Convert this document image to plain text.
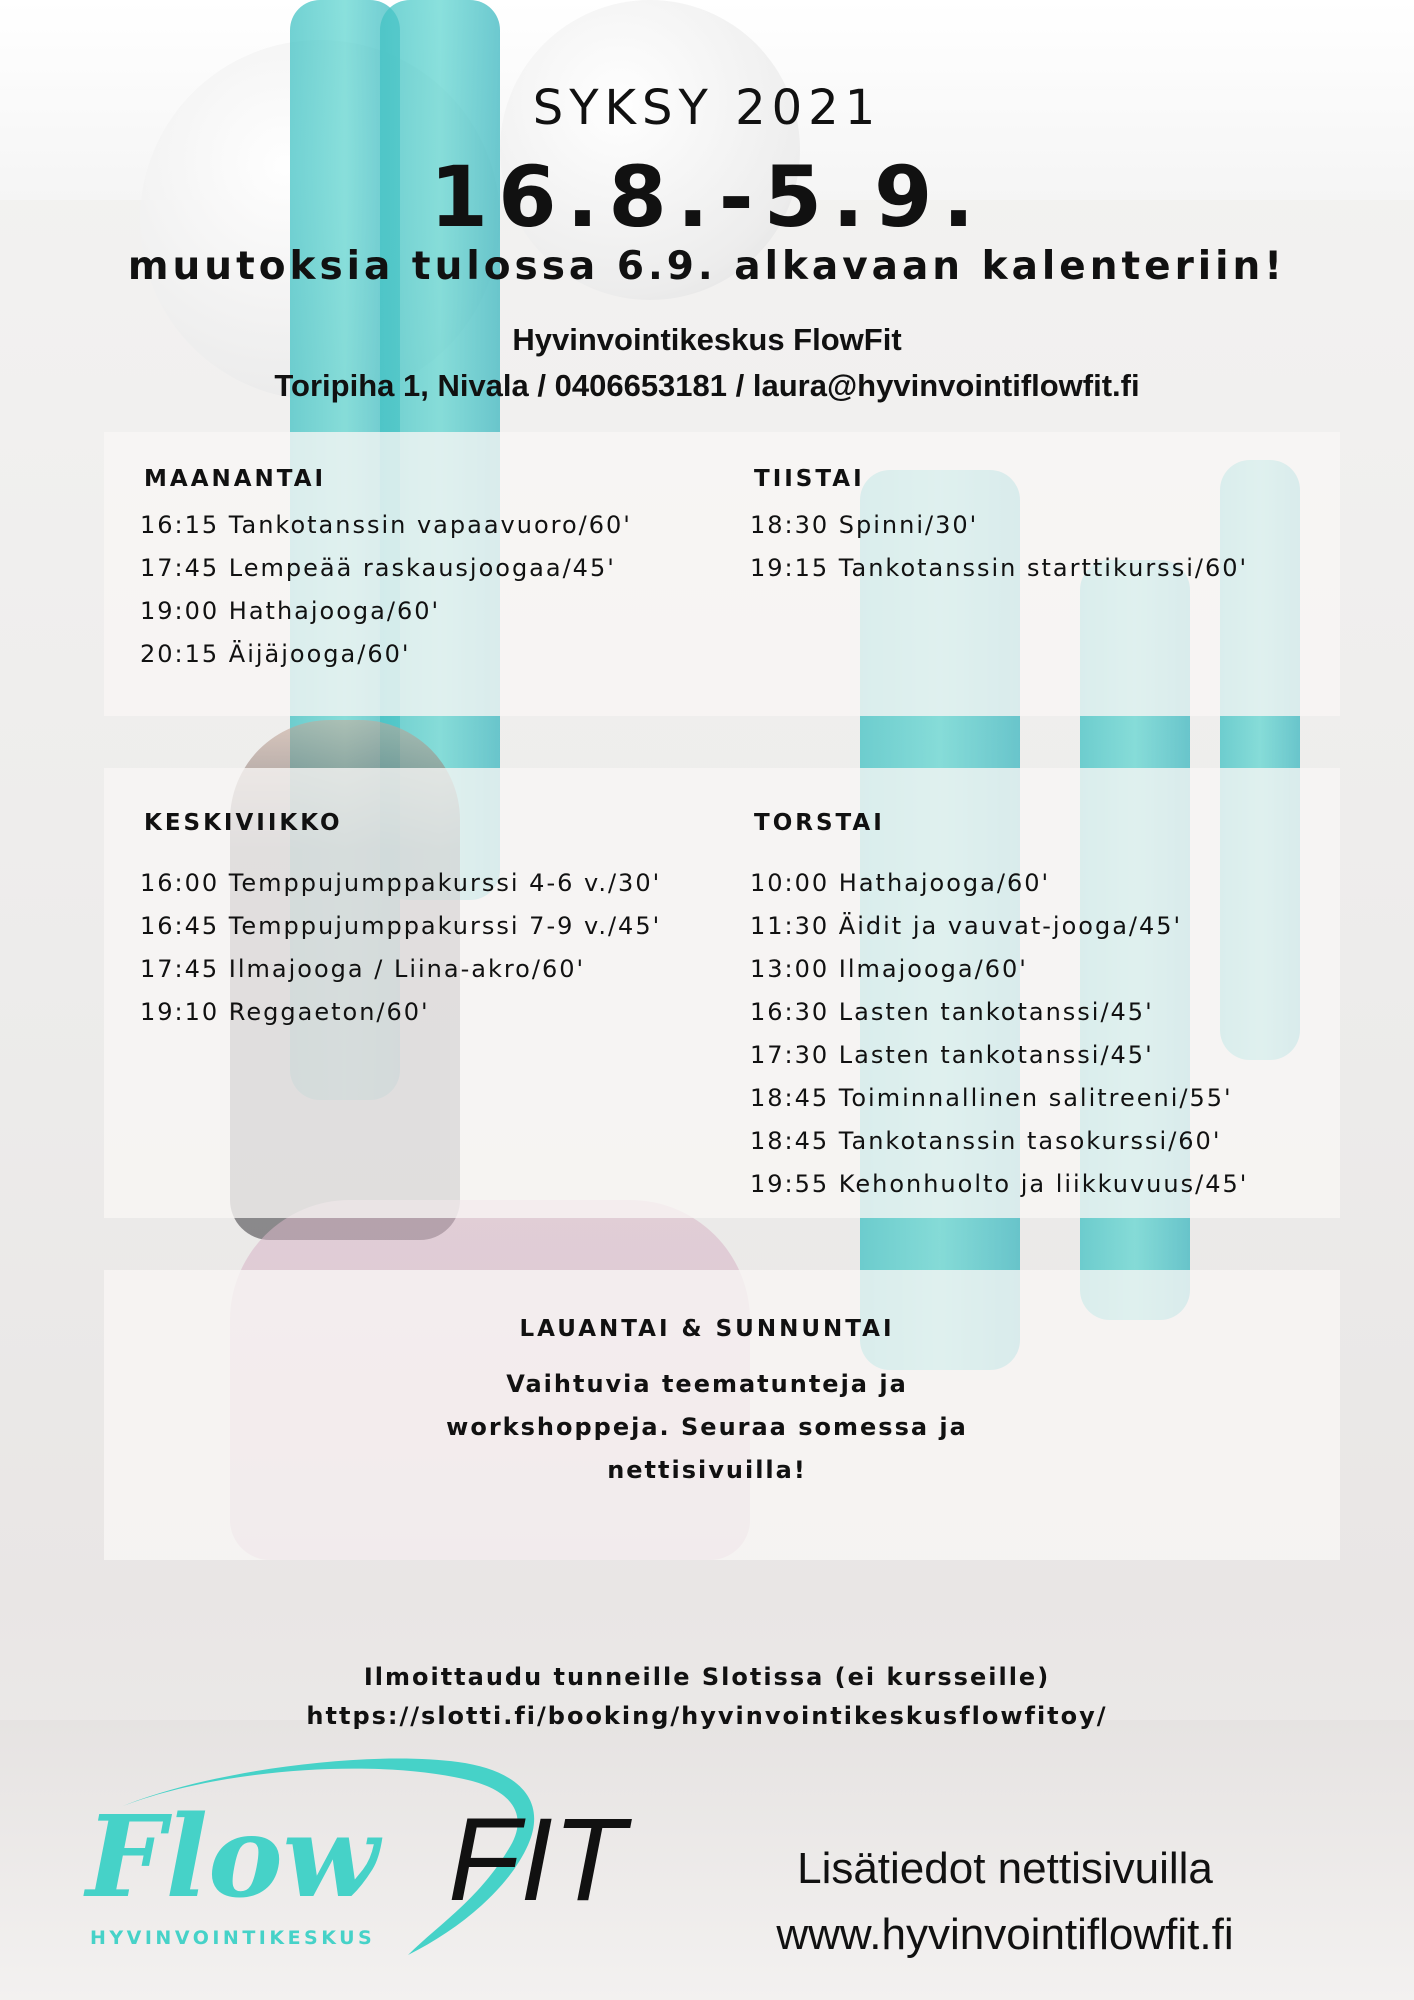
SYKSY 2021
16.8.-5.9.
muutoksia tulossa 6.9. alkavaan kalenteriin!
Hyvinvointikeskus FlowFit
Toripiha 1, Nivala / 0406653181 / laura@hyvinvointiflowfit.fi
MAANANTAI
16:15 Tankotanssin vapaavuoro/60'
17:45 Lempeää raskausjoogaa/45'
19:00 Hathajooga/60'
20:15 Äijäjooga/60'
TIISTAI
18:30 Spinni/30'
19:15 Tankotanssin starttikurssi/60'
KESKIVIIKKO
16:00 Temppujumppakurssi 4-6 v./30'
16:45 Temppujumppakurssi 7-9 v./45'
17:45 Ilmajooga / Liina-akro/60'
19:10 Reggaeton/60'
TORSTAI
10:00 Hathajooga/60'
11:30 Äidit ja vauvat-jooga/45'
13:00 Ilmajooga/60'
16:30 Lasten tankotanssi/45'
17:30 Lasten tankotanssi/45'
18:45 Toiminnallinen salitreeni/55'
18:45 Tankotanssin tasokurssi/60'
19:55 Kehonhuolto ja liikkuvuus/45'
LAUANTAI & SUNNUNTAI
Vaihtuvia teematunteja ja workshoppeja. Seuraa somessa ja nettisivuilla!
Ilmoittaudu tunneille Slotissa (ei kursseille)
https://slotti.fi/booking/hyvinvointikeskusflowfitoy/
Flow FIT
HYVINVOINTIKESKUS
Lisätiedot nettisivuilla
www.hyvinvointiflowfit.fi
